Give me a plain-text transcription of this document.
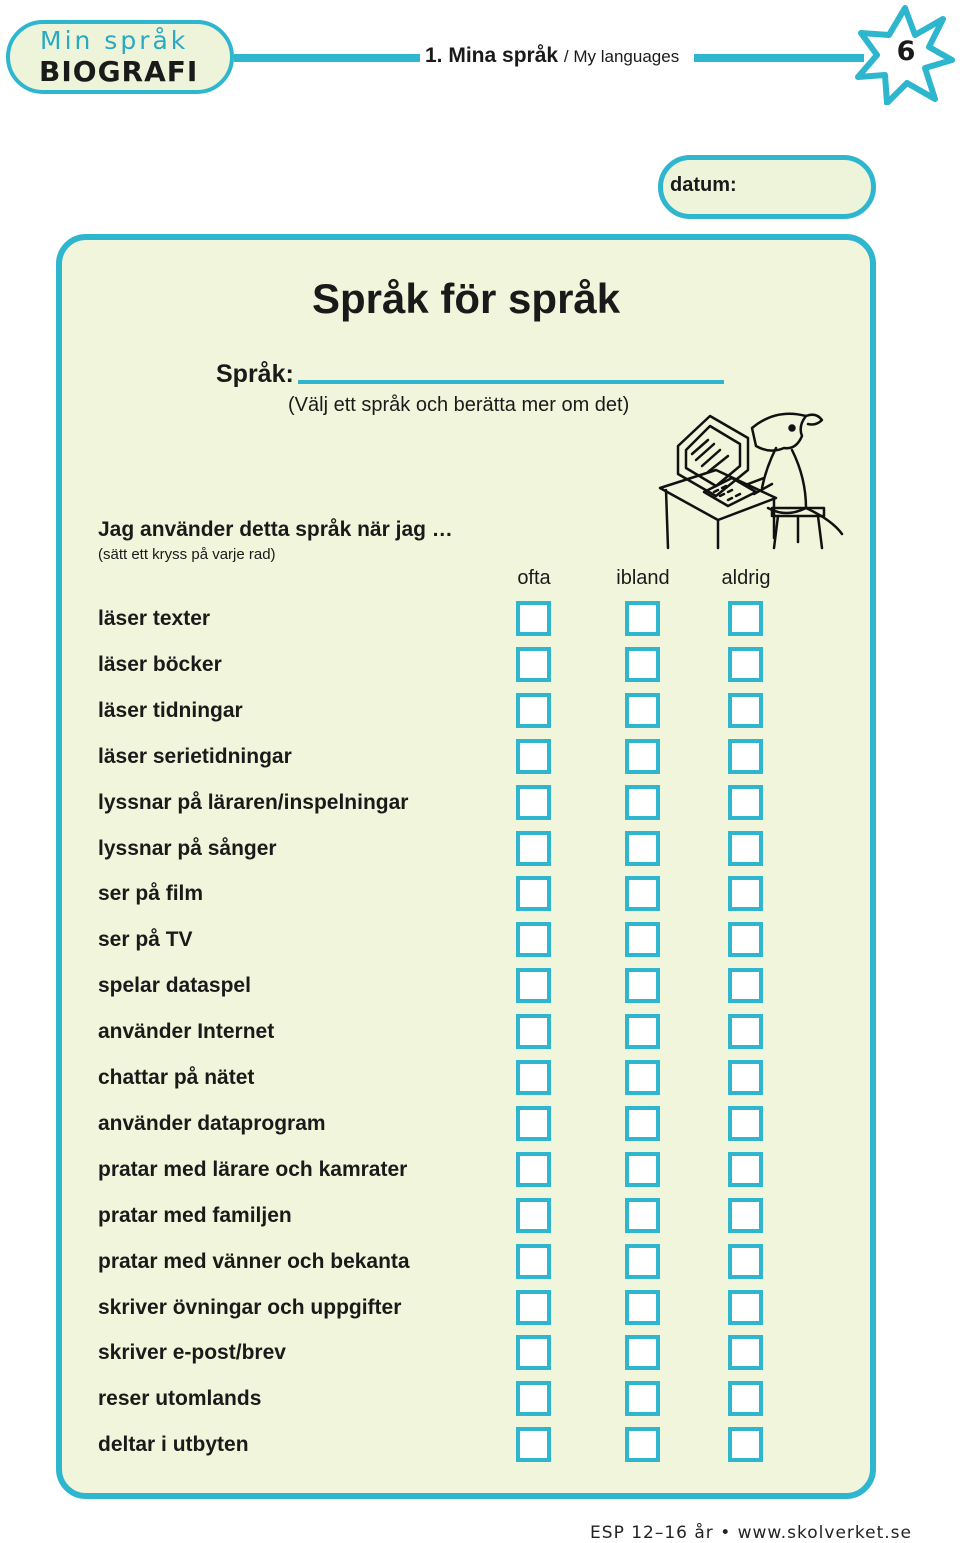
Min språk
BIOGRAFI	1. Mina språk / My languages	6
datum:
Språk för språk
Språk:
(Välj ett språk och berätta mer om det)
Jag använder detta språk när jag …
(sätt ett kryss på varje rad)
ofta	ibland	aldrig
läser texter
läser böcker
läser tidningar
läser serietidningar
lyssnar på läraren/inspelningar
lyssnar på sånger
ser på film
ser på TV
spelar dataspel
använder Internet
chattar på nätet
använder dataprogram
pratar med lärare och kamrater
pratar med familjen
pratar med vänner och bekanta
skriver övningar och uppgifter
skriver e-post/brev
reser utomlands
deltar i utbyten
ESP 12–16 år • www.skolverket.se
